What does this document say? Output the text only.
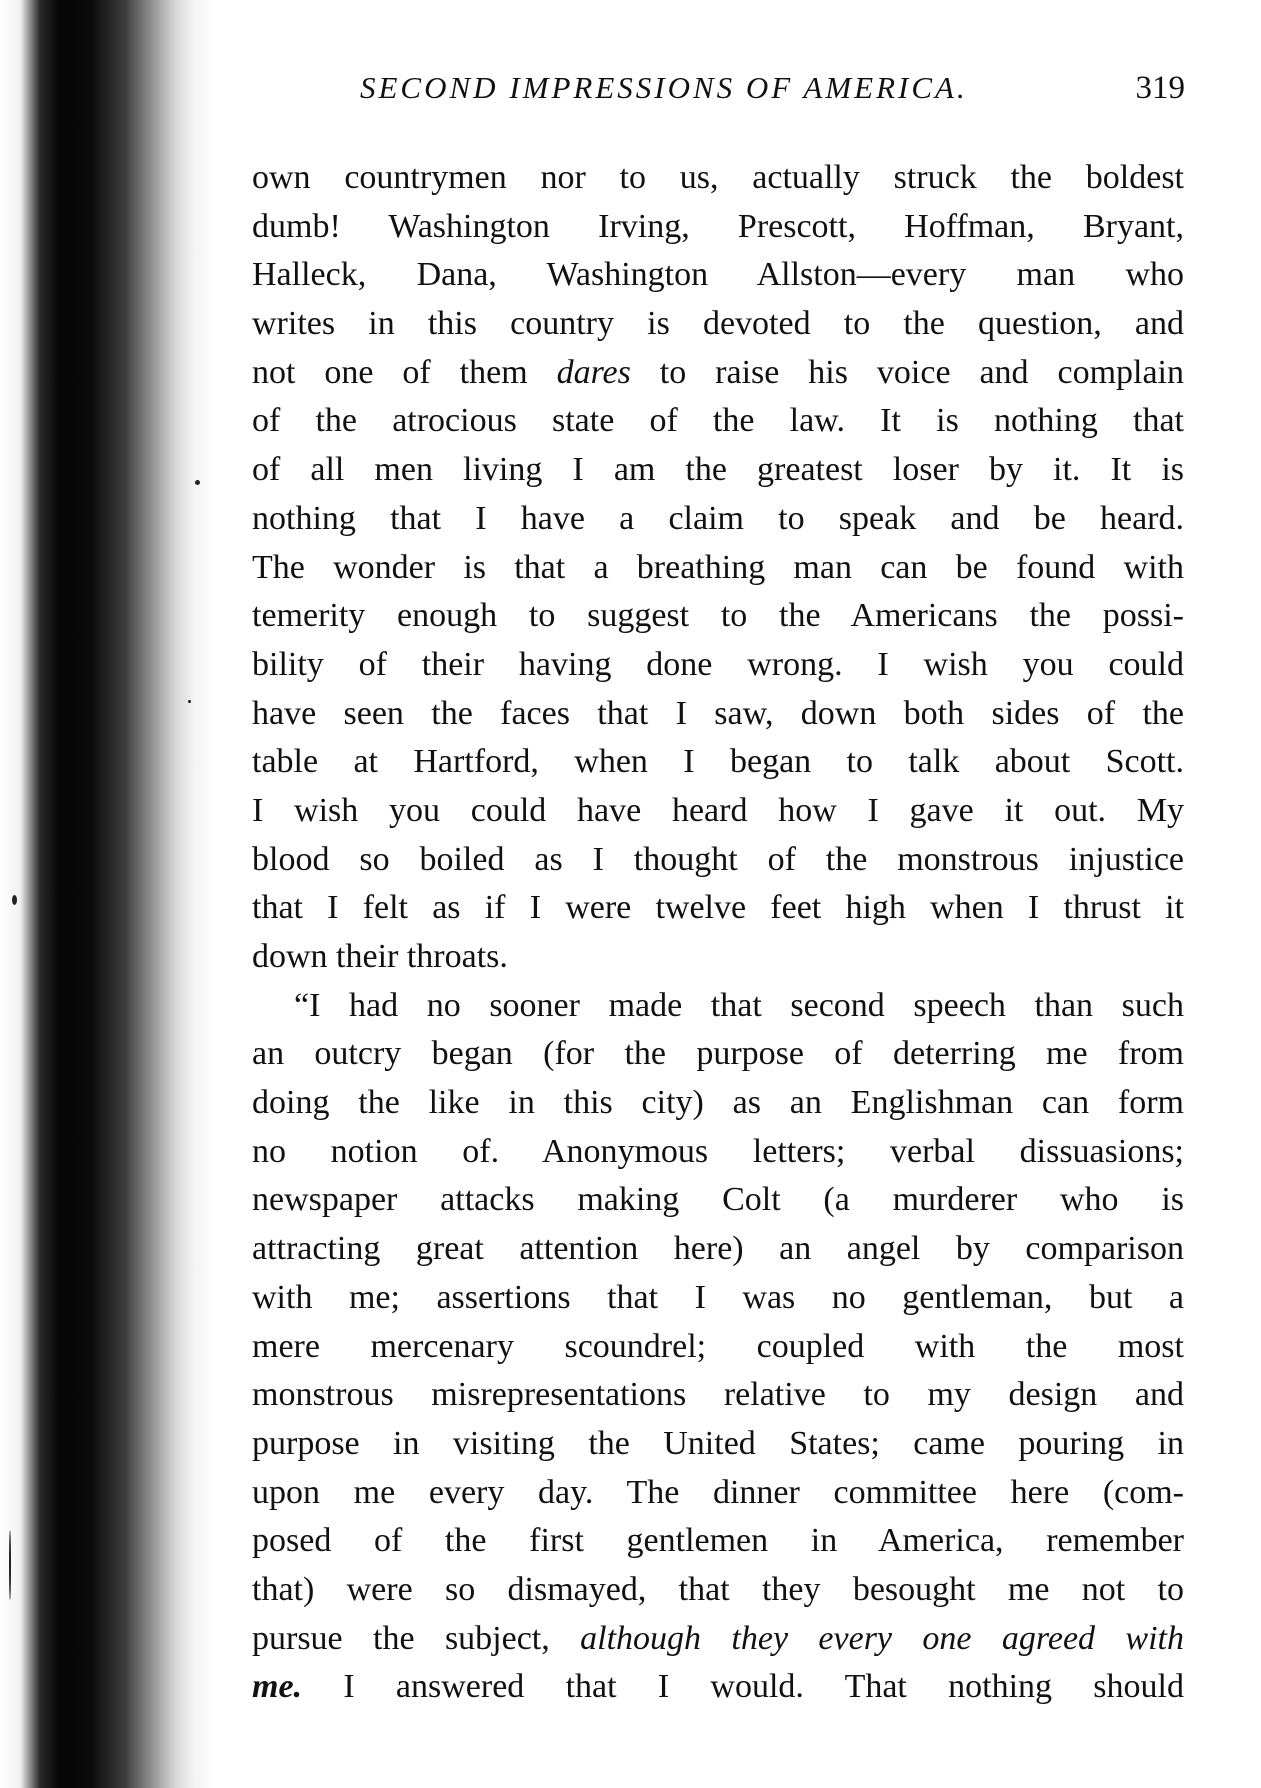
SECOND IMPRESSIONS OF AMERICA.	319
own countrymen nor to us, actually struck the boldest
dumb! Washington Irving, Prescott, Hoffman, Bryant,
Halleck, Dana, Washington Allston—every man who
writes in this country is devoted to the question, and
not one of them dares to raise his voice and complain
of the atrocious state of the law. It is nothing that
of all men living I am the greatest loser by it. It is
nothing that I have a claim to speak and be heard.
The wonder is that a breathing man can be found with
temerity enough to suggest to the Americans the possi-
bility of their having done wrong. I wish you could
have seen the faces that I saw, down both sides of the
table at Hartford, when I began to talk about Scott.
I wish you could have heard how I gave it out. My
blood so boiled as I thought of the monstrous injustice
that I felt as if I were twelve feet high when I thrust it
down their throats.
“I had no sooner made that second speech than such
an outcry began (for the purpose of deterring me from
doing the like in this city) as an Englishman can form
no notion of. Anonymous letters; verbal dissuasions;
newspaper attacks making Colt (a murderer who is
attracting great attention here) an angel by comparison
with me; assertions that I was no gentleman, but a
mere mercenary scoundrel; coupled with the most
monstrous misrepresentations relative to my design and
purpose in visiting the United States; came pouring in
upon me every day. The dinner committee here (com-
posed of the first gentlemen in America, remember
that) were so dismayed, that they besought me not to
pursue the subject, although they every one agreed with
me. I answered that I would. That nothing should
